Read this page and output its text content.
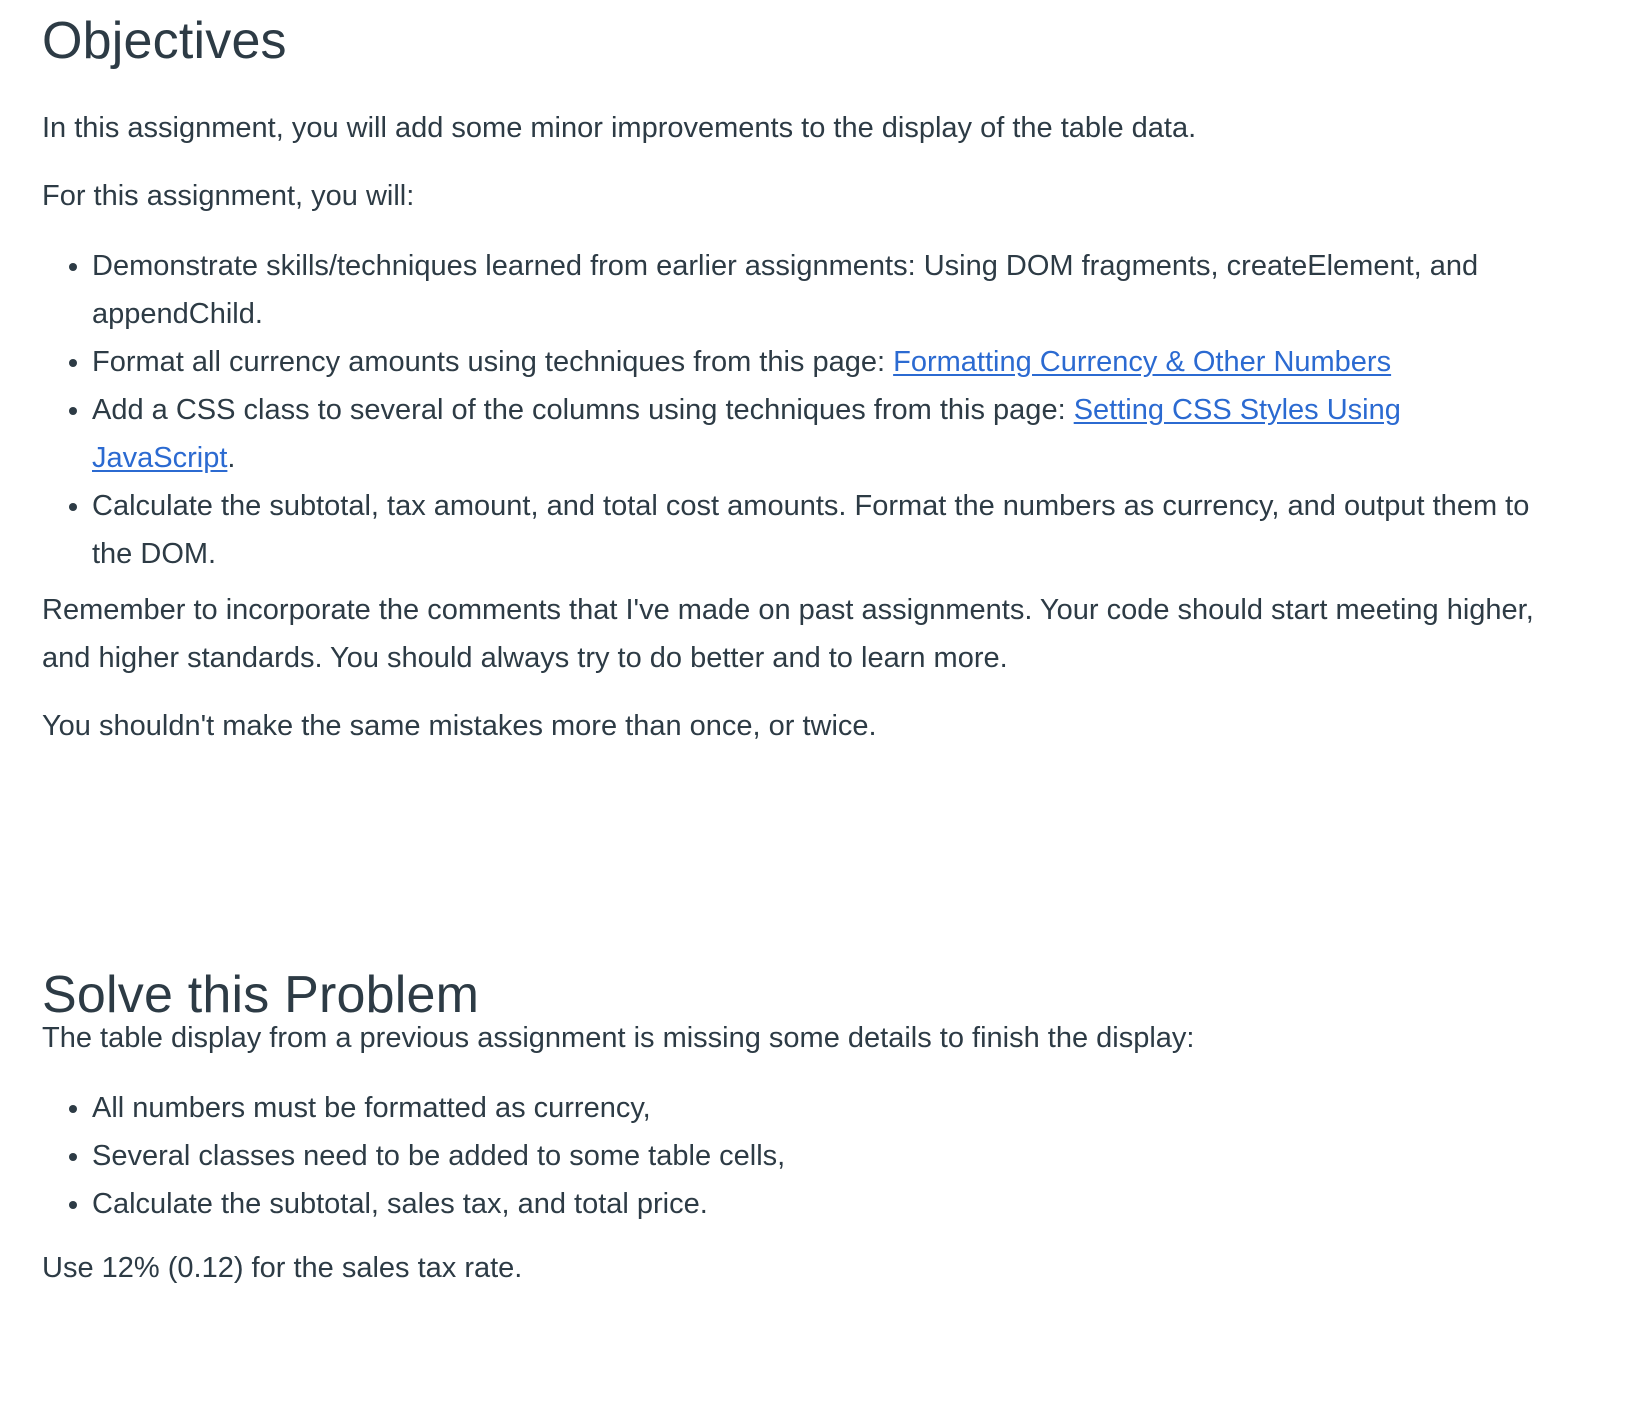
Objectives

In this assignment, you will add some minor improvements to the display of the table data.

For this assignment, you will:

• Demonstrate skills/techniques learned from earlier assignments: Using DOM fragments, createElement, and appendChild.
• Format all currency amounts using techniques from this page: Formatting Currency & Other Numbers
• Add a CSS class to several of the columns using techniques from this page: Setting CSS Styles Using JavaScript.
• Calculate the subtotal, tax amount, and total cost amounts. Format the numbers as currency, and output them to the DOM.

Remember to incorporate the comments that I've made on past assignments. Your code should start meeting higher, and higher standards. You should always try to do better and to learn more.

You shouldn't make the same mistakes more than once, or twice.

Solve this Problem

The table display from a previous assignment is missing some details to finish the display:

• All numbers must be formatted as currency,
• Several classes need to be added to some table cells,
• Calculate the subtotal, sales tax, and total price.

Use 12% (0.12) for the sales tax rate.
